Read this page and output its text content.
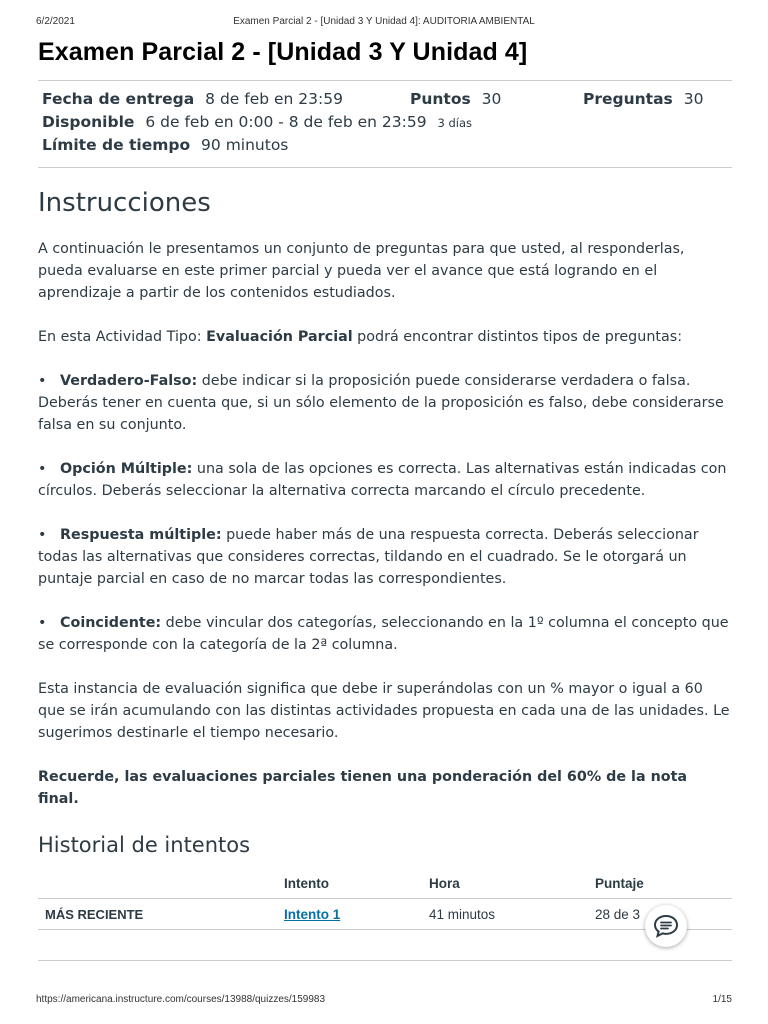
6/2/2021	Examen Parcial 2 - [Unidad 3 Y Unidad 4]: AUDITORIA AMBIENTAL
Examen Parcial 2 - [Unidad 3 Y Unidad 4]
Fecha de entrega 8 de feb en 23:59	Puntos 30	Preguntas 30
Disponible 6 de feb en 0:00 - 8 de feb en 23:59 3 días
Límite de tiempo 90 minutos
Instrucciones

A continuación le presentamos un conjunto de preguntas para que usted, al responderlas, pueda evaluarse en este primer parcial y pueda ver el avance que está logrando en el aprendizaje a partir de los contenidos estudiados.

En esta Actividad Tipo: Evaluación Parcial podrá encontrar distintos tipos de preguntas:

• Verdadero-Falso: debe indicar si la proposición puede considerarse verdadera o falsa. Deberás tener en cuenta que, si un sólo elemento de la proposición es falso, debe considerarse falsa en su conjunto.

• Opción Múltiple: una sola de las opciones es correcta. Las alternativas están indicadas con círculos. Deberás seleccionar la alternativa correcta marcando el círculo precedente.

• Respuesta múltiple: puede haber más de una respuesta correcta. Deberás seleccionar todas las alternativas que consideres correctas, tildando en el cuadrado. Se le otorgará un puntaje parcial en caso de no marcar todas las correspondientes.

• Coincidente: debe vincular dos categorías, seleccionando en la 1º columna el concepto que se corresponde con la categoría de la 2ª columna.

Esta instancia de evaluación significa que debe ir superándolas con un % mayor o igual a 60 que se irán acumulando con las distintas actividades propuesta en cada una de las unidades. Le sugerimos destinarle el tiempo necesario.

Recuerde, las evaluaciones parciales tienen una ponderación del 60% de la nota final.

Historial de intentos
	Intento	Hora	Puntaje
MÁS RECIENTE	Intento 1	41 minutos	28 de 3

https://americana.instructure.com/courses/13988/quizzes/159983	1/15
